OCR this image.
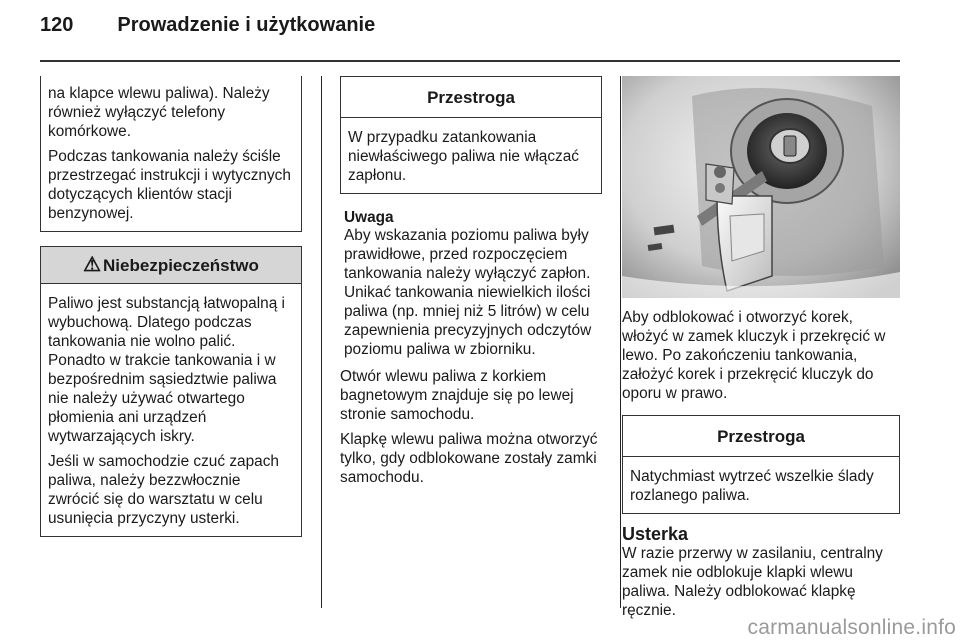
120 Prowadzenie i użytkowanie

na klapce wlewu paliwa). Należy również wyłączyć telefony komórkowe.

Podczas tankowania należy ściśle przestrzegać instrukcji i wytycznych dotyczących klientów stacji benzynowej.

⚠ Niebezpieczeństwo

Paliwo jest substancją łatwopalną i wybuchową. Dlatego podczas tankowania nie wolno palić. Ponadto w trakcie tankowania i w bezpośrednim sąsiedztwie paliwa nie należy używać otwartego płomienia ani urządzeń wytwarzających iskry.

Jeśli w samochodzie czuć zapach paliwa, należy bezzwłocznie zwrócić się do warsztatu w celu usunięcia przyczyny usterki.

Przestroga
W przypadku zatankowania niewłaściwego paliwa nie włączać zapłonu.
Uwaga
Aby wskazania poziomu paliwa były prawidłowe, przed rozpoczęciem tankowania należy wyłączyć zapłon. Unikać tankowania niewielkich ilości paliwa (np. mniej niż 5 litrów) w celu zapewnienia precyzyjnych odczytów poziomu paliwa w zbiorniku.

Otwór wlewu paliwa z korkiem bagnetowym znajduje się po lewej stronie samochodu.

Klapkę wlewu paliwa można otworzyć tylko, gdy odblokowane zostały zamki samochodu.

Aby odblokować i otworzyć korek, włożyć w zamek kluczyk i przekręcić w lewo. Po zakończeniu tankowania, założyć korek i przekręcić kluczyk do oporu w prawo.

Przestroga
Natychmiast wytrzeć wszelkie ślady rozlanego paliwa.
Usterka

W razie przerwy w zasilaniu, centralny zamek nie odblokuje klapki wlewu paliwa. Należy odblokować klapkę ręcznie.

carmanualsonline.info
